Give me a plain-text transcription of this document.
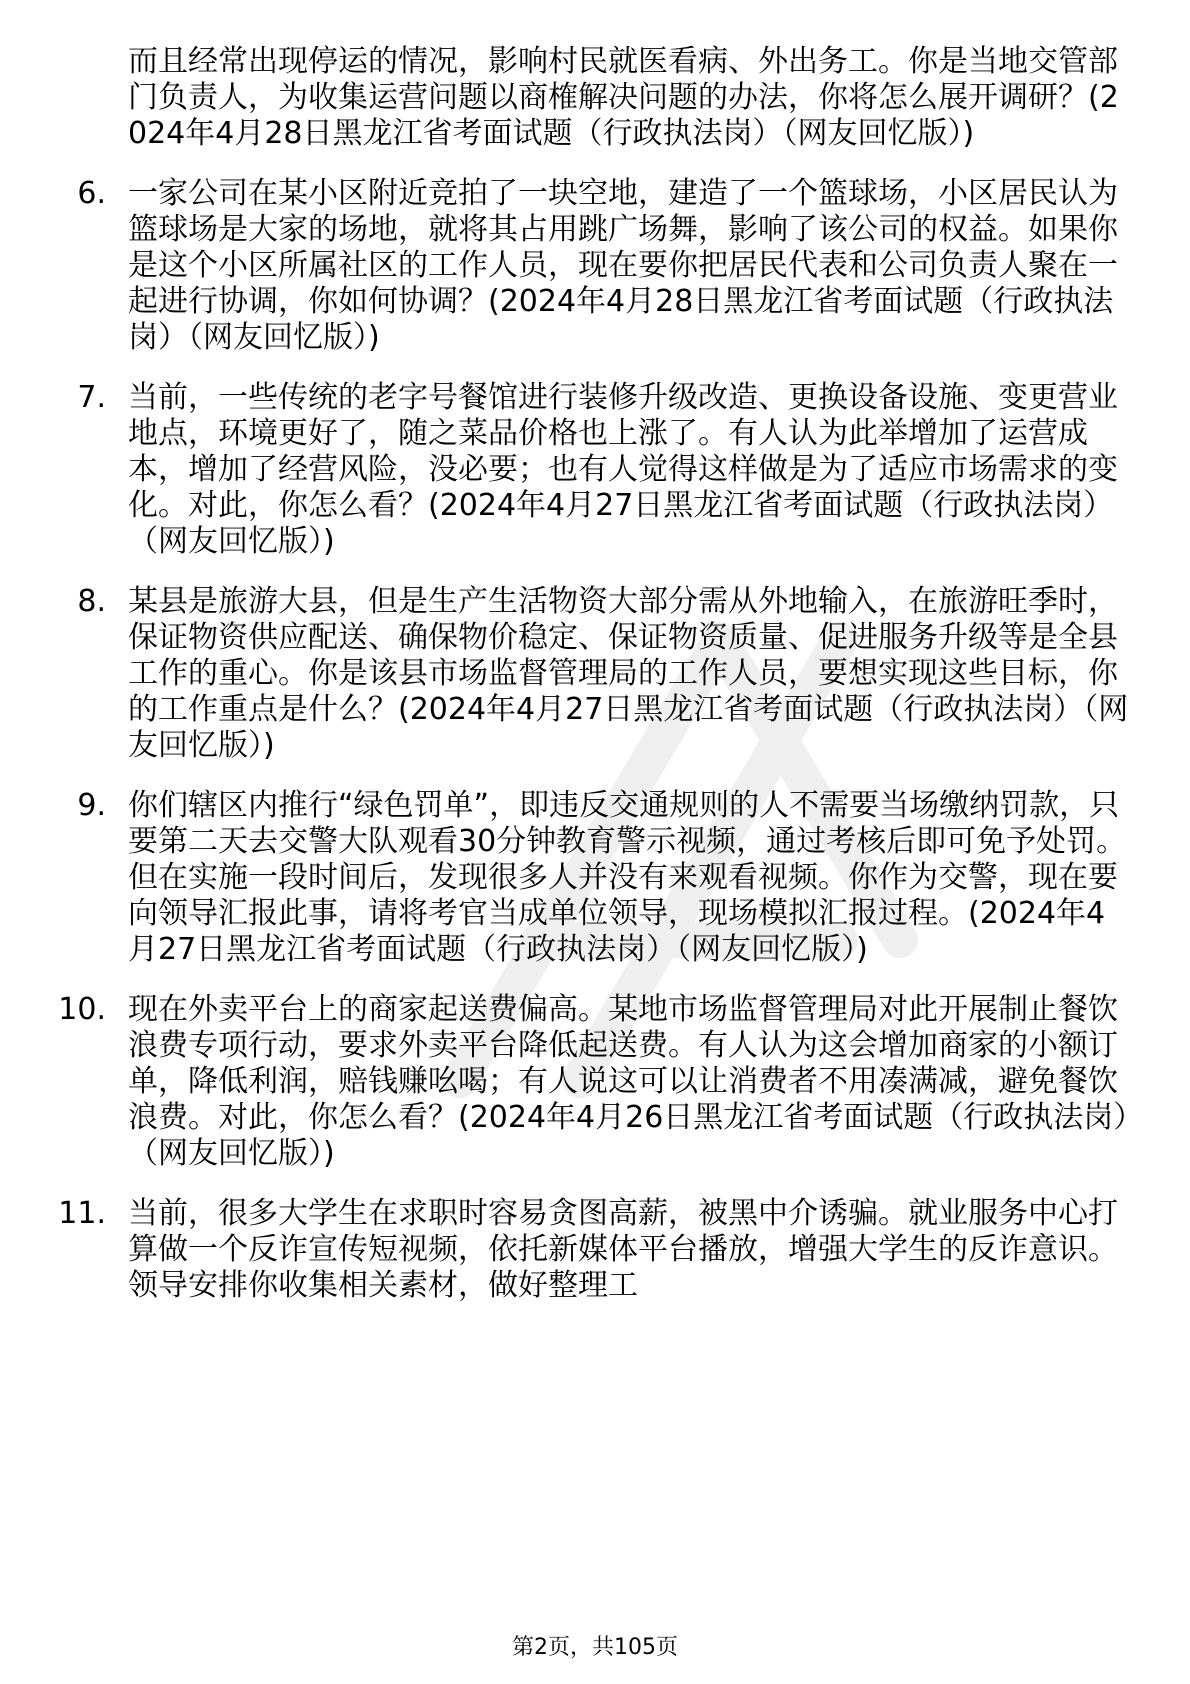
而且经常出现停运的情况，影响村民就医看病、外出务工。你是当地交管部门负责人，为收集运营问题以商榷解决问题的办法，你将怎么展开调研？(2024年4月28日黑龙江省考面试题（行政执法岗）（网友回忆版）)

6. 一家公司在某小区附近竞拍了一块空地，建造了一个篮球场，小区居民认为篮球场是大家的场地，就将其占用跳广场舞，影响了该公司的权益。如果你是这个小区所属社区的工作人员，现在要你把居民代表和公司负责人聚在一起进行协调，你如何协调？(2024年4月28日黑龙江省考面试题（行政执法岗）（网友回忆版）)

7. 当前，一些传统的老字号餐馆进行装修升级改造、更换设备设施、变更营业地点，环境更好了，随之菜品价格也上涨了。有人认为此举增加了运营成本，增加了经营风险，没必要；也有人觉得这样做是为了适应市场需求的变化。对此，你怎么看？(2024年4月27日黑龙江省考面试题（行政执法岗）（网友回忆版）)

8. 某县是旅游大县，但是生产生活物资大部分需从外地输入，在旅游旺季时，保证物资供应配送、确保物价稳定、保证物资质量、促进服务升级等是全县工作的重心。你是该县市场监督管理局的工作人员，要想实现这些目标，你的工作重点是什么？(2024年4月27日黑龙江省考面试题（行政执法岗）（网友回忆版）)

9. 你们辖区内推行“绿色罚单”，即违反交通规则的人不需要当场缴纳罚款，只要第二天去交警大队观看30分钟教育警示视频，通过考核后即可免予处罚。但在实施一段时间后，发现很多人并没有来观看视频。你作为交警，现在要向领导汇报此事，请将考官当成单位领导，现场模拟汇报过程。(2024年4月27日黑龙江省考面试题（行政执法岗）（网友回忆版）)

10. 现在外卖平台上的商家起送费偏高。某地市场监督管理局对此开展制止餐饮浪费专项行动，要求外卖平台降低起送费。有人认为这会增加商家的小额订单，降低利润，赔钱赚吆喝；有人说这可以让消费者不用凑满减，避免餐饮浪费。对此，你怎么看？(2024年4月26日黑龙江省考面试题（行政执法岗）（网友回忆版）)

11. 当前，很多大学生在求职时容易贪图高薪，被黑中介诱骗。就业服务中心打算做一个反诈宣传短视频，依托新媒体平台播放，增强大学生的反诈意识。领导安排你收集相关素材，做好整理工

第2页，共105页
